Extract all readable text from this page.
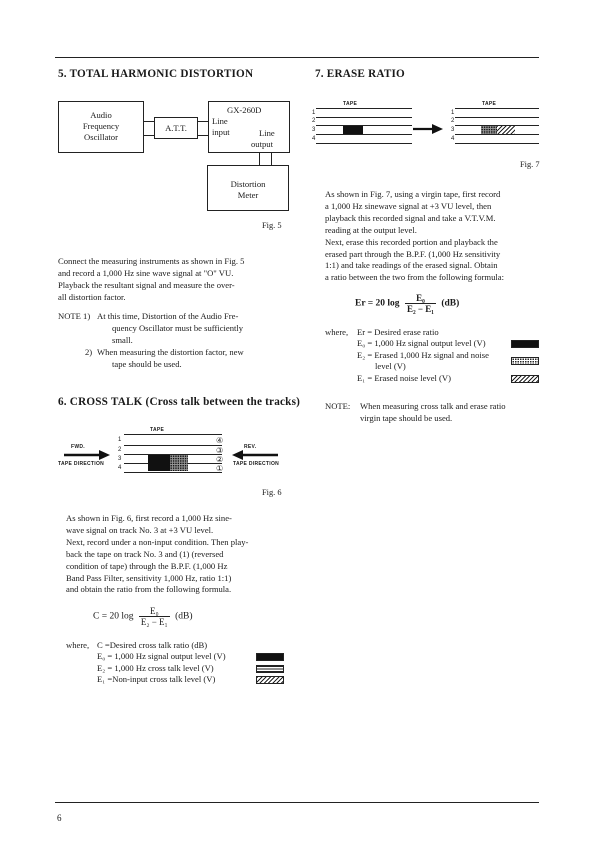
5. TOTAL HARMONIC DISTORTION
Audio
Frequency
Oscillator
A.T.T.
GX-260D
Line
input	Line
output
Distortion
Meter
Fig. 5
Connect the measuring instruments as shown in Fig. 5
and record a 1,000 Hz sine wave signal at "O" VU.
Playback the resultant signal and measure the over-
all distortion factor.
NOTE 1) At this time, Distortion of the Audio Fre-
quency Oscillator must be sufficiently
small.
2) When measuring the distortion factor, new
tape should be used.
6. CROSS TALK (Cross talk between the tracks)
TAPE
1
2
3
4
④
③
②
①
FWD.
TAPE DIRECTION
REV.
TAPE DIRECTION
Fig. 6
As shown in Fig. 6, first record a 1,000 Hz sine-
wave signal on track No. 3 at +3 VU level.
Next, record under a non-input condition. Then play-
back the tape on track No. 3 and (1) (reversed
condition of tape) through the B.P.F. (1,000 Hz
Band Pass Filter, sensitivity 1,000 Hz, ratio 1:1)
and obtain the ratio from the following formula.
C = 20 $\log \frac{\text{E₀}}{\text{E₂ − E₁}} (dB)$
where, C =Desired cross talk ratio (dB)
E₀ = 1,000 Hz signal output level (V)

E₂ = 1,000 Hz cross talk level (V)

E₁ =Non-input cross talk level (V)

7. ERASE RATIO
TAPE
1
2
3
4
TAPE
1
2
3
4
Fig. 7
As shown in Fig. 7, using a virgin tape, first record
a 1,000 Hz sinewave signal at +3 VU level, then
playback this recorded signal and take a V.T.V.M.
reading at the output level.
Next, erase this recorded portion and playback the
erased part through the B.P.F. (1,000 Hz sensitivity
1:1) and take readings of the erased signal. Obtain
a ratio between the two from the following formula:
Er = 20 $\log \frac{\text{E₀}}{\text{E₂ − E₁}} (dB)$
where, Er = Desired erase ratio
E₀ = 1,000 Hz signal output level (V)

E₂ = Erased 1,000 Hz signal and noise

level (V)

E₁ = Erased noise level (V)

NOTE: When measuring cross talk and erase ratio
virgin tape should be used.
6
